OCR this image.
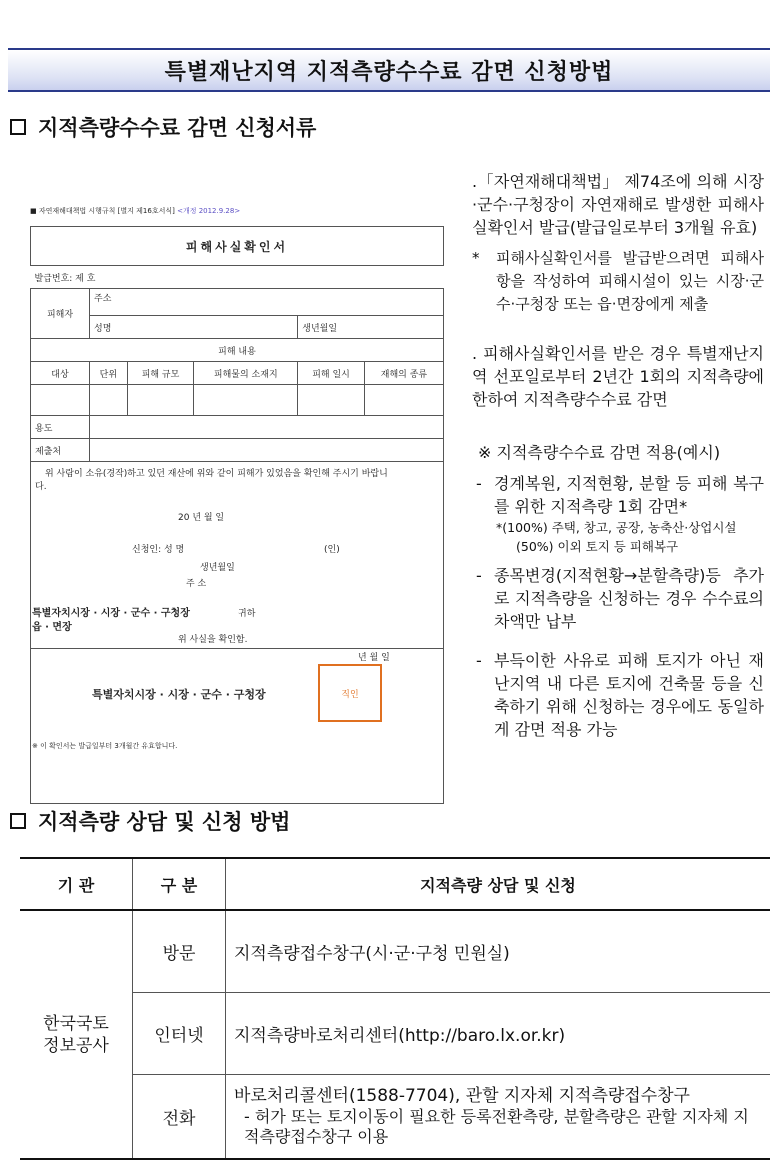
특별재난지역 지적측량수수료 감면 신청방법
지적측량수수료 감면 신청서류
■ 자연재해대책법 시행규칙 [별지 제16호서식] <개정 2012.9.28>
피해사실확인서					
발급번호: 제 호					
피해자	주소				
	성명			생년월일	
피해 내용					
대상	단위	피해 규모	피해물의 소재지	피해 일시	재해의 종류

용도					
제출처					

위 사람이 소유(경작)하고 있던 재산에 위와 같이 피해가 있었음을 확인해 주시기 바랍니
다.					

20 년 월 일
신청인: 성 명	(인)
생년월일
주 소
특별자치시장 · 시장 · 군수 · 구청장	귀하
읍 · 면장
위 사실을 확인함.
년 월 일
특별자치시장 · 시장 · 군수 · 구청장	직인
※ 이 확인서는 발급일부터 3개월간 유효합니다.

.「자연재해대책법」 제74조에 의해 시장·군수·구청장이 자연재해로 발생한 피해사실확인서 발급(발급일로부터 3개월 유효)

*	피해사실확인서를 발급받으려면 피해사항을 작성하여 피해시설이 있는 시장·군수·구청장 또는 읍·면장에게 제출

. 피해사실확인서를 받은 경우 특별재난지역 선포일로부터 2년간 1회의 지적측량에 한하여 지적측량수수료 감면

※ 지적측량수수료 감면 적용(예시)

- 경계복원, 지적현황, 분할 등 피해 복구를 위한 지적측량 1회 감면*

*(100%) 주택, 창고, 공장, 농축산·상업시설

(50%) 이외 토지 등 피해복구

- 종목변경(지적현황→분할측량)등 추가로 지적측량을 신청하는 경우 수수료의 차액만 납부

- 부득이한 사유로 피해 토지가 아닌 재난지역 내 다른 토지에 건축물 등을 신축하기 위해 신청하는 경우에도 동일하게 감면 적용 가능

지적측량 상담 및 신청 방법
기 관	구 분	지적측량 상담 및 신청

한국국토정보공사	방문	지적측량접수창구(시·군·구청 민원실)
	인터넷	지적측량바로처리센터(http://baro.lx.or.kr)
	전화	바로처리콜센터(1588-7704), 관할 지자체 지적측량접수창구
- 허가 또는 토지이동이 필요한 등록전환측량, 분할측량은 관할 지자체 지적측량접수창구 이용
